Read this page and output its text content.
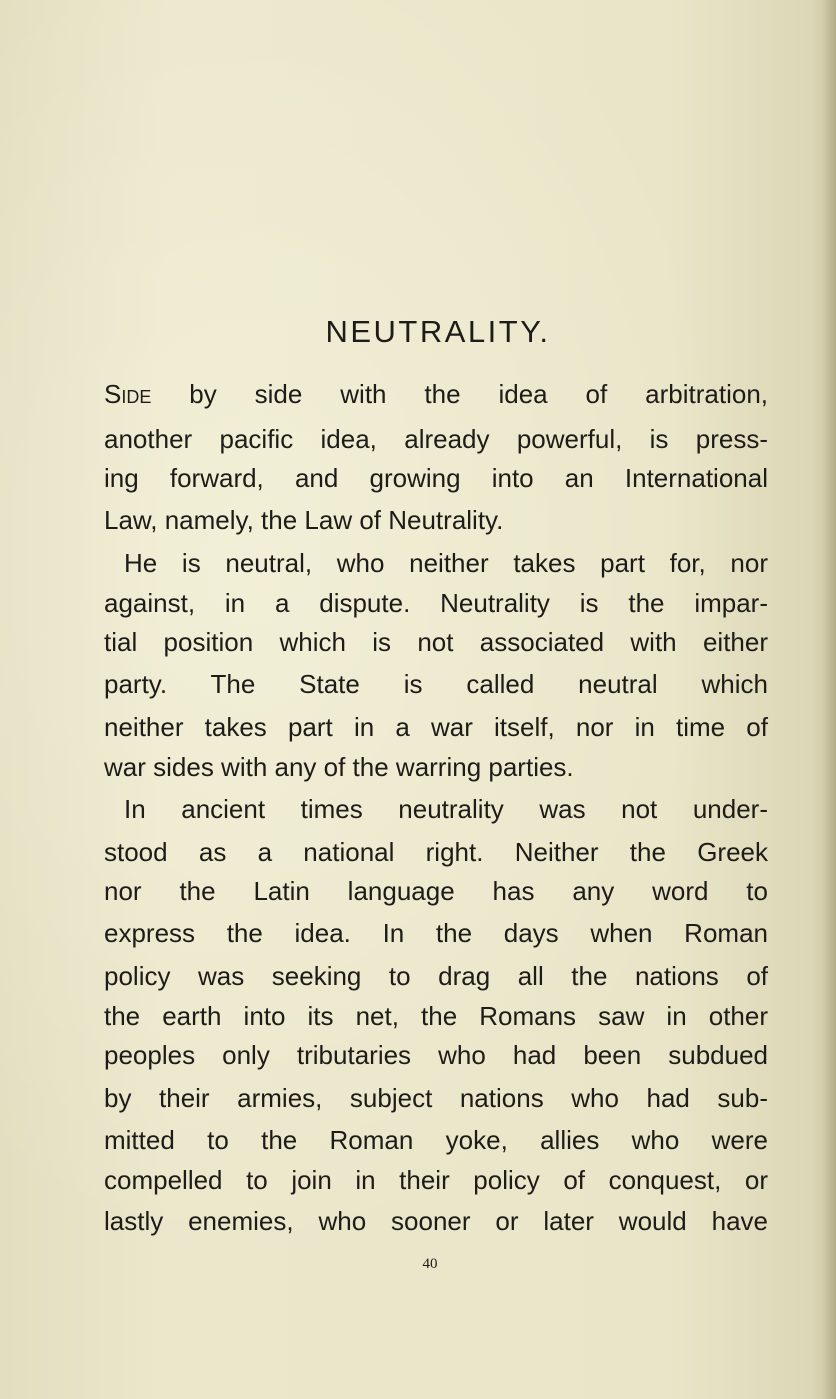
NEUTRALITY.
Side by side with the idea of arbitration,
another pacific idea, already powerful, is press-
ing forward, and growing into an International
Law, namely, the Law of Neutrality.
He is neutral, who neither takes part for, nor
against, in a dispute. Neutrality is the impar-
tial position which is not associated with either
party. The State is called neutral which
neither takes part in a war itself, nor in time of
war sides with any of the warring parties.
In ancient times neutrality was not under-
stood as a national right. Neither the Greek
nor the Latin language has any word to
express the idea. In the days when Roman
policy was seeking to drag all the nations of
the earth into its net, the Romans saw in other
peoples only tributaries who had been subdued
by their armies, subject nations who had sub-
mitted to the Roman yoke, allies who were
compelled to join in their policy of conquest, or
lastly enemies, who sooner or later would have
40
